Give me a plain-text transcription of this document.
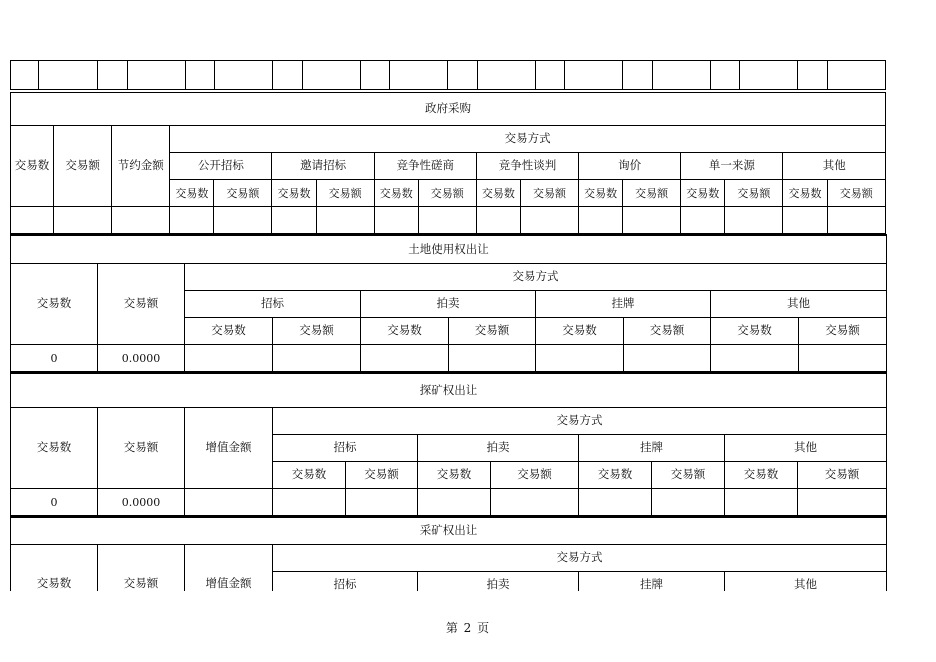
政府采购																
交易数	交易额	节约金额	交易方式													
			公开招标		邀请招标		竞争性磋商		竞争性谈判		询价		单一来源		其他	
			交易数	交易额	交易数	交易额	交易数	交易额	交易数	交易额	交易数	交易额	交易数	交易额	交易数	交易额

土地使用权出让									
交易数	交易额	交易方式							
		招标		拍卖		挂牌		其他	
		交易数	交易额	交易数	交易额	交易数	交易额	交易数	交易额
0	0.0000								
探矿权出让										
交易数	交易额	增值金额	交易方式							
			招标		拍卖		挂牌		其他	
			交易数	交易额	交易数	交易额	交易数	交易额	交易数	交易额
0	0.0000									
采矿权出让										
交易数	交易额	增值金额	交易方式							
			招标		拍卖		挂牌		其他	

第 2 页
